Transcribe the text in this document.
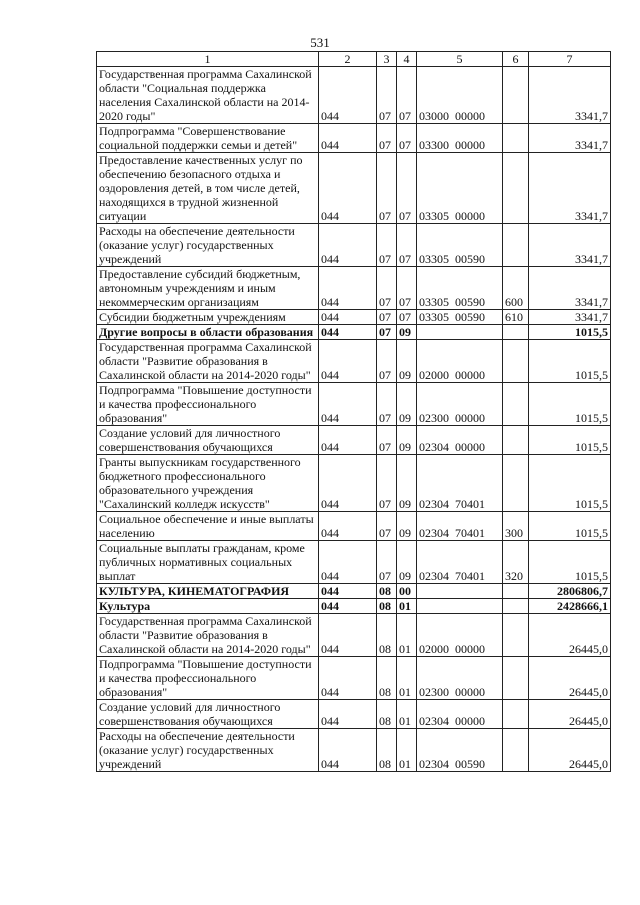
531
1	2	3	4	5	6	7
Государственная программа Сахалинской области "Социальная поддержка населения Сахалинской области на 2014-2020 годы"	044	07	07	03000  00000		3341,7
Подпрограмма "Совершенствование социальной поддержки семьи и детей"	044	07	07	03300  00000		3341,7
Предоставление качественных услуг по обеспечению безопасного отдыха и оздоровления детей, в том числе детей, находящихся в трудной жизненной ситуации	044	07	07	03305  00000		3341,7
Расходы на обеспечение деятельности (оказание услуг) государственных учреждений	044	07	07	03305  00590		3341,7
Предоставление субсидий бюджетным, автономным учреждениям и иным некоммерческим организациям	044	07	07	03305  00590	600	3341,7
Субсидии бюджетным учреждениям	044	07	07	03305  00590	610	3341,7
Другие вопросы в области образования	044	07	09			1015,5
Государственная программа Сахалинской области "Развитие образования в Сахалинской области на 2014-2020 годы"	044	07	09	02000  00000		1015,5
Подпрограмма "Повышение доступности и качества профессионального образования"	044	07	09	02300  00000		1015,5
Создание условий для личностного совершенствования обучающихся	044	07	09	02304  00000		1015,5
Гранты выпускникам государственного бюджетного профессионального образовательного учреждения "Сахалинский колледж искусств"	044	07	09	02304  70401		1015,5
Социальное обеспечение и иные выплаты населению	044	07	09	02304  70401	300	1015,5
Социальные выплаты гражданам, кроме публичных нормативных социальных выплат	044	07	09	02304  70401	320	1015,5
КУЛЬТУРА, КИНЕМАТОГРАФИЯ	044	08	00			2806806,7
Культура	044	08	01			2428666,1
Государственная программа Сахалинской области "Развитие образования в Сахалинской области на 2014-2020 годы"	044	08	01	02000  00000		26445,0
Подпрограмма "Повышение доступности и качества профессионального образования"	044	08	01	02300  00000		26445,0
Создание условий для личностного совершенствования обучающихся	044	08	01	02304  00000		26445,0
Расходы на обеспечение деятельности (оказание услуг) государственных учреждений	044	08	01	02304  00590		26445,0
